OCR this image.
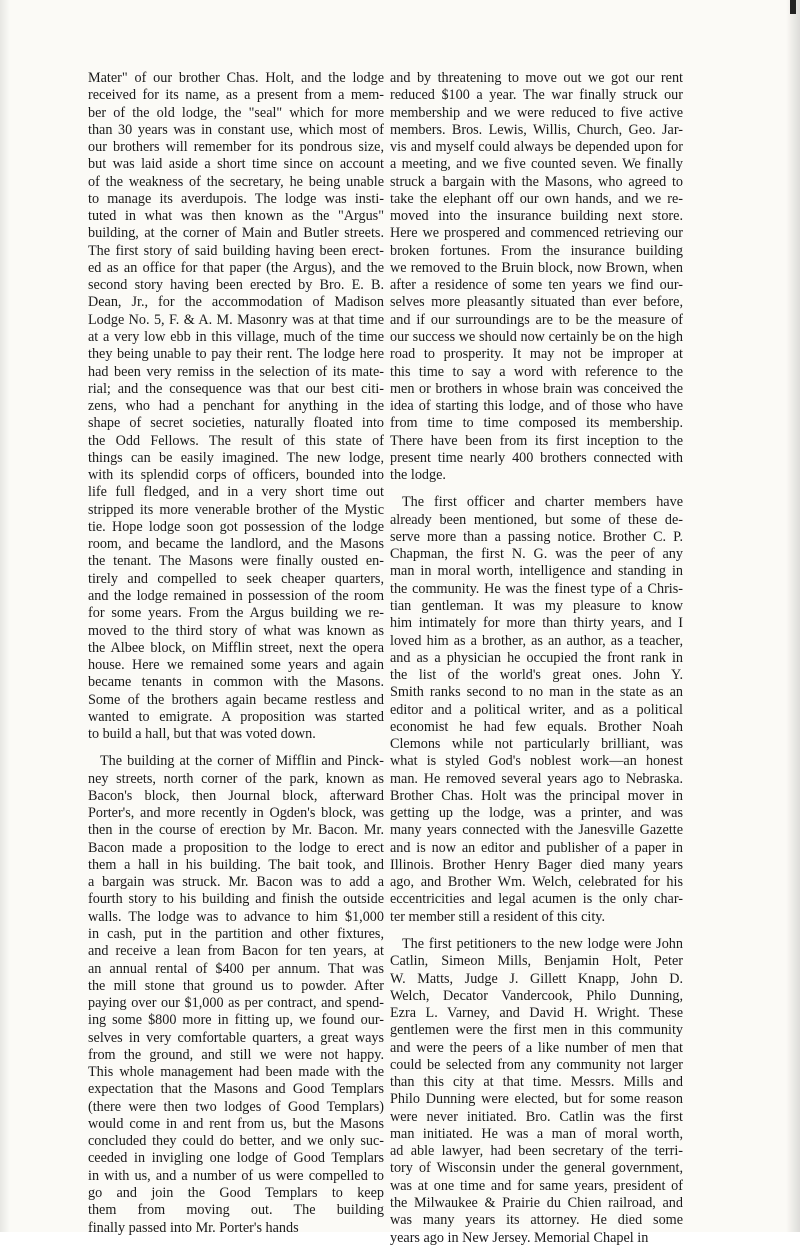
Mater" of our brother Chas. Holt, and the lodge
received for its name, as a present from a mem-
ber of the old lodge, the "seal" which for more
than 30 years was in constant use, which most of
our brothers will remember for its pondrous size,
but was laid aside a short time since on account
of the weakness of the secretary, he being unable
to manage its averdupois. The lodge was insti-
tuted in what was then known as the "Argus"
building, at the corner of Main and Butler streets.
The first story of said building having been erect-
ed as an office for that paper (the Argus), and the
second story having been erected by Bro. E. B.
Dean, Jr., for the accommodation of Madison
Lodge No. 5, F. & A. M. Masonry was at that time
at a very low ebb in this village, much of the time
they being unable to pay their rent. The lodge here
had been very remiss in the selection of its mate-
rial; and the consequence was that our best citi-
zens, who had a penchant for anything in the
shape of secret societies, naturally floated into
the Odd Fellows. The result of this state of
things can be easily imagined. The new lodge,
with its splendid corps of officers, bounded into
life full fledged, and in a very short time out
stripped its more venerable brother of the Mystic
tie. Hope lodge soon got possession of the lodge
room, and became the landlord, and the Masons
the tenant. The Masons were finally ousted en-
tirely and compelled to seek cheaper quarters,
and the lodge remained in possession of the room
for some years. From the Argus building we re-
moved to the third story of what was known as
the Albee block, on Mifflin street, next the opera
house. Here we remained some years and again
became tenants in common with the Masons.
Some of the brothers again became restless and
wanted to emigrate. A proposition was started
to build a hall, but that was voted down.
The building at the corner of Mifflin and Pinck-
ney streets, north corner of the park, known as
Bacon's block, then Journal block, afterward
Porter's, and more recently in Ogden's block, was
then in the course of erection by Mr. Bacon. Mr.
Bacon made a proposition to the lodge to erect
them a hall in his building. The bait took, and
a bargain was struck. Mr. Bacon was to add a
fourth story to his building and finish the outside
walls. The lodge was to advance to him $1,000
in cash, put in the partition and other fixtures,
and receive a lean from Bacon for ten years, at
an annual rental of $400 per annum. That was
the mill stone that ground us to powder. After
paying over our $1,000 as per contract, and spend-
ing some $800 more in fitting up, we found our-
selves in very comfortable quarters, a great ways
from the ground, and still we were not happy.
This whole management had been made with the
expectation that the Masons and Good Templars
(there were then two lodges of Good Templars)
would come in and rent from us, but the Masons
concluded they could do better, and we only suc-
ceeded in invigling one lodge of Good Templars
in with us, and a number of us were compelled to
go and join the Good Templars to keep
them from moving out. The building
finally passed into Mr. Porter's hands
and by threatening to move out we got our rent
reduced $100 a year. The war finally struck our
membership and we were reduced to five active
members. Bros. Lewis, Willis, Church, Geo. Jar-
vis and myself could always be depended upon for
a meeting, and we five counted seven. We finally
struck a bargain with the Masons, who agreed to
take the elephant off our own hands, and we re-
moved into the insurance building next store.
Here we prospered and commenced retrieving our
broken fortunes. From the insurance building
we removed to the Bruin block, now Brown, when
after a residence of some ten years we find our-
selves more pleasantly situated than ever before,
and if our surroundings are to be the measure of
our success we should now certainly be on the high
road to prosperity. It may not be improper at
this time to say a word with reference to the
men or brothers in whose brain was conceived the
idea of starting this lodge, and of those who have
from time to time composed its membership.
There have been from its first inception to the
present time nearly 400 brothers connected with
the lodge.
The first officer and charter members have
already been mentioned, but some of these de-
serve more than a passing notice. Brother C. P.
Chapman, the first N. G. was the peer of any
man in moral worth, intelligence and standing in
the community. He was the finest type of a Chris-
tian gentleman. It was my pleasure to know
him intimately for more than thirty years, and I
loved him as a brother, as an author, as a teacher,
and as a physician he occupied the front rank in
the list of the world's great ones. John Y.
Smith ranks second to no man in the state as an
editor and a political writer, and as a political
economist he had few equals. Brother Noah
Clemons while not particularly brilliant, was
what is styled God's noblest work—an honest
man. He removed several years ago to Nebraska.
Brother Chas. Holt was the principal mover in
getting up the lodge, was a printer, and was
many years connected with the Janesville Gazette
and is now an editor and publisher of a paper in
Illinois. Brother Henry Bager died many years
ago, and Brother Wm. Welch, celebrated for his
eccentricities and legal acumen is the only char-
ter member still a resident of this city.
The first petitioners to the new lodge were John
Catlin, Simeon Mills, Benjamin Holt, Peter
W. Matts, Judge J. Gillett Knapp, John D.
Welch, Decator Vandercook, Philo Dunning,
Ezra L. Varney, and David H. Wright. These
gentlemen were the first men in this community
and were the peers of a like number of men that
could be selected from any community not larger
than this city at that time. Messrs. Mills and
Philo Dunning were elected, but for some reason
were never initiated. Bro. Catlin was the first
man initiated. He was a man of moral worth,
ad able lawyer, had been secretary of the terri-
tory of Wisconsin under the general government,
was at one time and for same years, president of
the Milwaukee & Prairie du Chien railroad, and
was many years its attorney. He died some
years ago in New Jersey. Memorial Chapel in
